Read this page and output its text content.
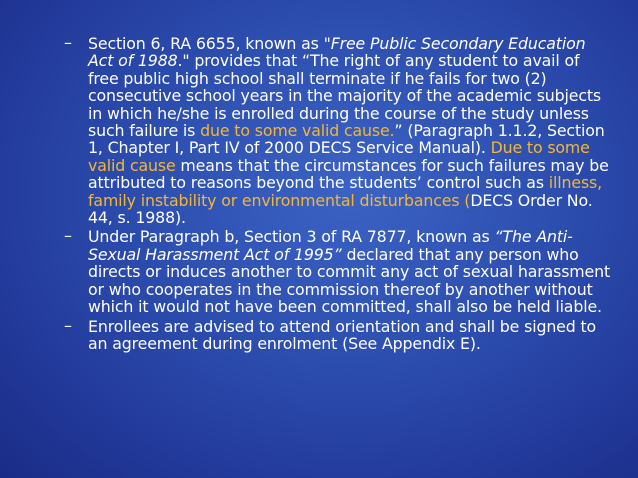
– Section 6, RA 6655, known as "Free Public Secondary Education Act of 1988." provides that “The right of any student to avail of free public high school shall terminate if he fails for two (2) consecutive school years in the majority of the academic subjects in which he/she is enrolled during the course of the study unless such failure is due to some valid cause.” (Paragraph 1.1.2, Section 1, Chapter I, Part IV of 2000 DECS Service Manual). Due to some valid cause means that the circumstances for such failures may be attributed to reasons beyond the students’ control such as illness, family instability or environmental disturbances (DECS Order No. 44, s. 1988).
– Under Paragraph b, Section 3 of RA 7877, known as “The Anti-Sexual Harassment Act of 1995” declared that any person who directs or induces another to commit any act of sexual harassment or who cooperates in the commission thereof by another without which it would not have been committed, shall also be held liable.
– Enrollees are advised to attend orientation and shall be signed to an agreement during enrolment (See Appendix E).
